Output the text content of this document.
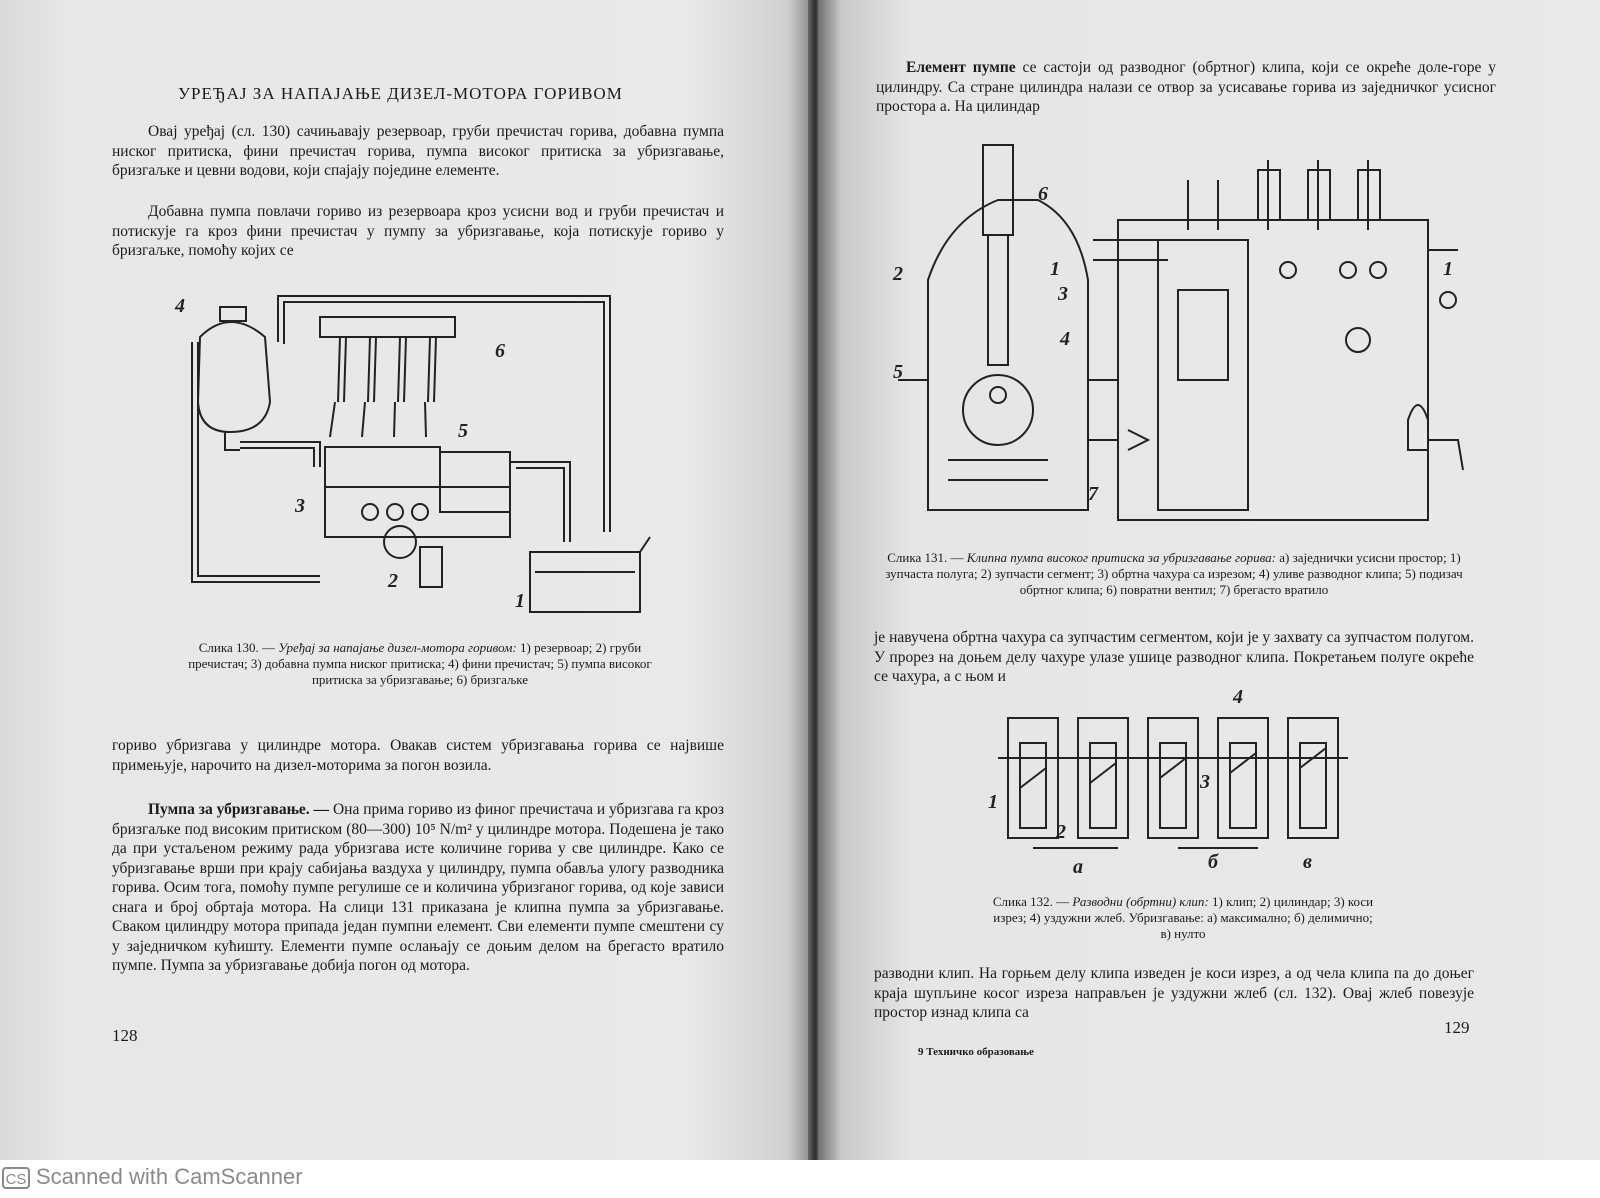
УРЕЂАЈ ЗА НАПАЈАЊЕ ДИЗЕЛ-МОТОРА ГОРИВОМ

Овај уређај (сл. 130) сачињавају резервоар, груби пречистач горива, добавна пумпа ниског притиска, фини пречистач горива, пумпа високог притиска за убризгавање, бризгаљке и цевни водови, који спајају поједине елементе.

Добавна пумпа повлачи гориво из резервоара кроз усисни вод и груби пречистач и потискује га кроз фини пречистач у пумпу за убризгавање, која потискује гориво у бризгаљке, помоћу којих се

4
6
5
3
2
1

Слика 130. — Уређај за напајање дизел-мотора горивом: 1) резервоар; 2) груби пречистач; 3) добавна пумпа ниског притиска; 4) фини пречистач; 5) пумпа високог притиска за убризгавање; 6) бризгаљке

гориво убризгава у цилиндре мотора. Овакав систем убризгавања горива се највише примењује, нарочито на дизел-моторима за погон возила.

Пумпа за убризгавање. — Она прима гориво из финог пречистача и убризгава га кроз бризгаљке под високим притиском (80—300) 10⁵ N/m² у цилиндре мотора. Подешена је тако да при устаљеном режиму рада убризгава исте количине горива у све цилиндре. Како се убризгавање врши при крају сабијања ваздуха у цилиндру, пумпа обавља улогу разводника горива. Осим тога, помоћу пумпе регулише се и количина убризганог горива, од које зависи снага и број обртаја мотора. На слици 131 приказана је клипна пумпа за убризгавање. Сваком цилиндру мотора припада један пумпни елемент. Сви елементи пумпе смештени су у заједничком кућишту. Елементи пумпе ослањају се доњим делом на брегасто вратило пумпе. Пумпа за убризгавање добија погон од мотора.

128

Елемент пумпе се састоји од разводног (обртног) клипа, који се окреће доле-горе у цилиндру. Са стране цилиндра налази се отвор за усисавање горива из заједничког усисног простора a. На цилиндар

6
2	1
3
4
5
7
1

Слика 131. — Клипна пумпа високог притиска за убризгавање горива: a) заједнички усисни простор; 1) зупчаста полуга; 2) зупчасти сегмент; 3) обртна чахура са изрезом; 4) уливе разводног клипа; 5) подизач обртног клипа; 6) повратни вентил; 7) брегасто вратило

је навучена обртна чахура са зупчастим сегментом, који је у захвату са зупчастом полугом. У прорез на доњем делу чахуре улазе ушице разводног клипа. Покретањем полуге окреће се чахура, а с њом и

1
2
3
4
a	б	в

Слика 132. — Разводни (обртни) клип: 1) клип; 2) цилиндар; 3) коси изрез; 4) уздужни жлеб. Убризгавање: a) максимално; б) делимично; в) нулто

разводни клип. На горњем делу клипа изведен је коси изрез, а од чела клипа па до доњег краја шупљине косог изреза направљен је уздужни жлеб (сл. 132). Овај жлеб повезује простор изнад клипа са

129
9 Техничко образовање
CS Scanned with CamScanner
